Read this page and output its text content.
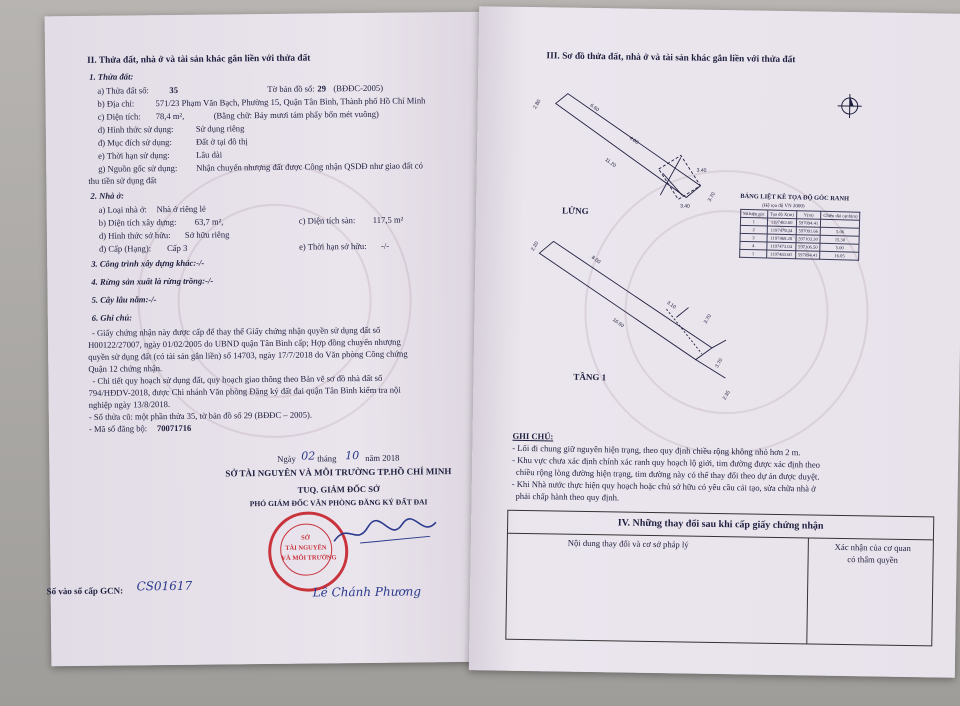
II. Thửa đất, nhà ở và tài sản khác gắn liền với thửa đất
1. Thửa đất:
a) Thửa đất số: 35	Tờ bản đồ số: 29 (BĐĐC-2005)
b) Địa chỉ: 571/23 Phạm Văn Bạch, Phường 15, Quận Tân Bình, Thành phố Hồ Chí Minh
c) Diện tích: 78,4 m²,	(Bằng chữ: Bảy mươi tám phẩy bốn mét vuông)
d) Hình thức sử dụng:	Sử dụng riêng
đ) Mục đích sử dụng:	Đất ở tại đô thị
e) Thời hạn sử dụng:	Lâu dài
g) Nguồn gốc sử dụng: Nhận chuyển nhượng đất được Công nhận QSDĐ như giao đất có
thu tiền sử dụng đất
2. Nhà ở:
a) Loại nhà ở: Nhà ở riêng lẻ
b) Diện tích xây dựng: 63,7 m²,	c) Diện tích sàn: 117,5 m²
d) Hình thức sở hữu: Sở hữu riêng
đ) Cấp (Hạng): Cấp 3	e) Thời hạn sở hữu: -/-
3. Công trình xây dựng khác:-/-
4. Rừng sản xuất là rừng trồng:-/-
5. Cây lâu năm:-/-
6. Ghi chú:
- Giấy chứng nhận này được cấp để thay thế Giấy chứng nhận quyền sử dụng đất số
H00122/27007, ngày 01/02/2005 do UBND quận Tân Bình cấp; Hợp đồng chuyển nhượng
quyền sử dụng đất (có tài sản gắn liền) số 14703, ngày 17/7/2018 do Văn phòng Công chứng
Quận 12 chứng nhận.
- Chi tiết quy hoạch sử dụng đất, quy hoạch giao thông theo Bản vẽ sơ đồ nhà đất số
794/HĐDV-2018, được Chi nhánh Văn phòng Đăng ký đất đai quận Tân Bình kiểm tra nội
nghiệp ngày 13/8/2018.
- Số thửa cũ: một phần thửa 35, tờ bản đồ số 29 (BĐĐC – 2005).
- Mã số đăng bộ: 70071716
Ngày 02 tháng 10 năm 2018
SỞ TÀI NGUYÊN VÀ MÔI TRƯỜNG TP.HỒ CHÍ MINH
TUQ. GIÁM ĐỐC SỞ
PHÓ GIÁM ĐỐC VĂN PHÒNG ĐĂNG KÝ ĐẤT ĐAI
SỞ
TÀI NGUYÊN
VÀ MÔI TRƯỜNG
Lê Chánh Phương
Số vào sổ cấp GCN: CS01617
III. Sơ đồ thửa đất, nhà ở và tài sản khác gắn liền với thửa đất
2.80	6.60
4.00
11.20
3.40
3.40
3.70
2.20
8.60
3.10
16.60	3.70
3.70
2.35
LỬNG
TẦNG 1
BẢNG LIỆT KÊ TỌA ĐỘ GÓC RANH
(Hệ tọa độ VN 2000)
Số hiệu góc	Tọa độ X(m)	Y(m)	Chiều dài cạnh(m)
1	1197483.60	597094.41	
2	1197479.34	597091.66	5.06
3	1197469.28	597103.30	15.30
4	1197473.04	597106.50	5.00
1	1197483.60	597094.41	16.05
GHI CHÚ:
- Lối đi chung giữ nguyên hiện trạng, theo quy định chiều rộng không nhỏ hơn 2 m.
- Khu vực chưa xác định chính xác ranh quy hoạch lộ giới, tim đường được xác định theo
chiều rộng lòng đường hiện trạng, tim đường này có thể thay đổi theo dự án được duyệt.
- Khi Nhà nước thực hiện quy hoạch hoặc chủ sở hữu có yêu cầu cải tạo, sửa chữa nhà ở
phải chấp hành theo quy định.
IV. Những thay đổi sau khi cấp giấy chứng nhận
Nội dung thay đổi và cơ sở pháp lý	Xác nhận của cơ quan
có thẩm quyền
